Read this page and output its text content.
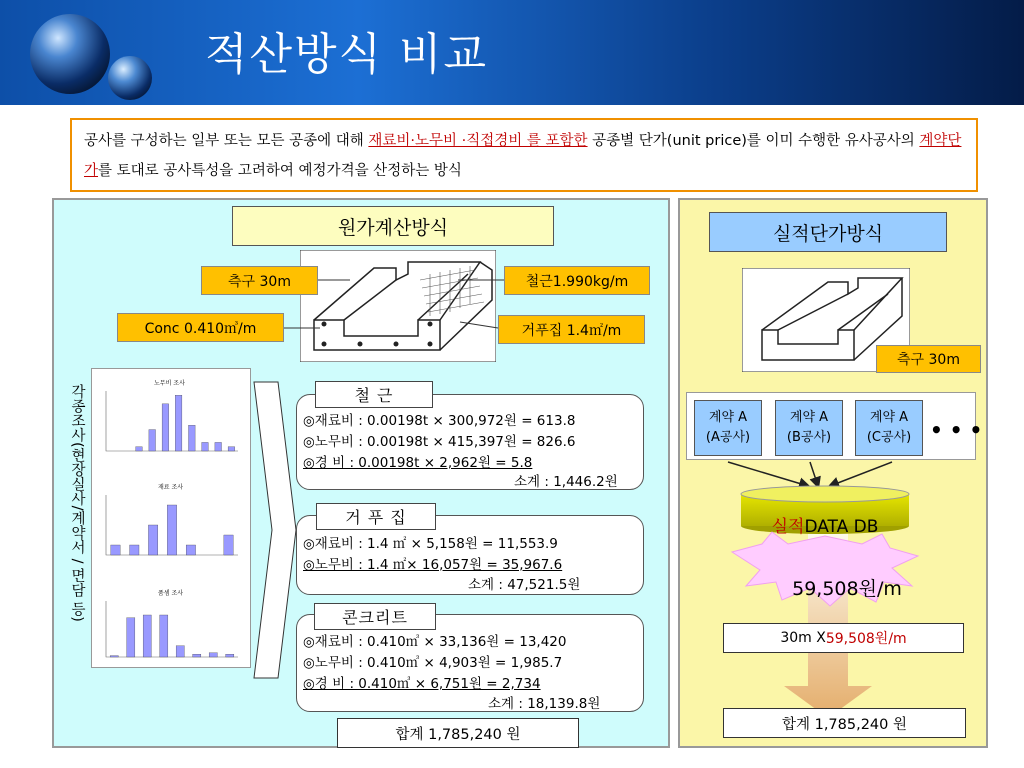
적산방식 비교
공사를 구성하는 일부 또는 모든 공종에 대해 재료비·노무비 ·직접경비 를 포함한 공종별 단가(unit price)를 이미 수행한 유사공사의 계약단가를 토대로 공사특성을 고려하여 예정가격을 산정하는 방식
원가계산방식	실적단가방식
측구 30m	철근1.990kg/m
Conc 0.410㎥/m	거푸집 1.4㎡/m
각종조사(현장실사/계약서 / 면담 등)
노무비 조사
재료 조사
품셈 조사
철 근
◎재료비 : 0.00198t × 300,972원 = 613.8
◎노무비 : 0.00198t × 415,397원 = 826.6
◎경 비 : 0.00198t × 2,962원 = 5.8
소계 : 1,446.2원
거 푸 집
◎재료비 : 1.4 ㎡ × 5,158원 = 11,553.9
◎노무비 : 1.4 ㎡× 16,057원 = 35,967.6
소계 : 47,521.5원
콘크리트
◎재료비 : 0.410㎥ × 33,136원 = 13,420
◎노무비 : 0.410㎥ × 4,903원 = 1,985.7
◎경 비 : 0.410㎥ × 6,751원 = 2,734
소계 : 18,139.8원
합계 1,785,240 원
측구 30m
계약 A
(A공사)
계약 A
(B공사)
계약 A
(C공사) • • •
실적DATA DB
59,508원/m
30m X 59,508원/m
합계 1,785,240 원
